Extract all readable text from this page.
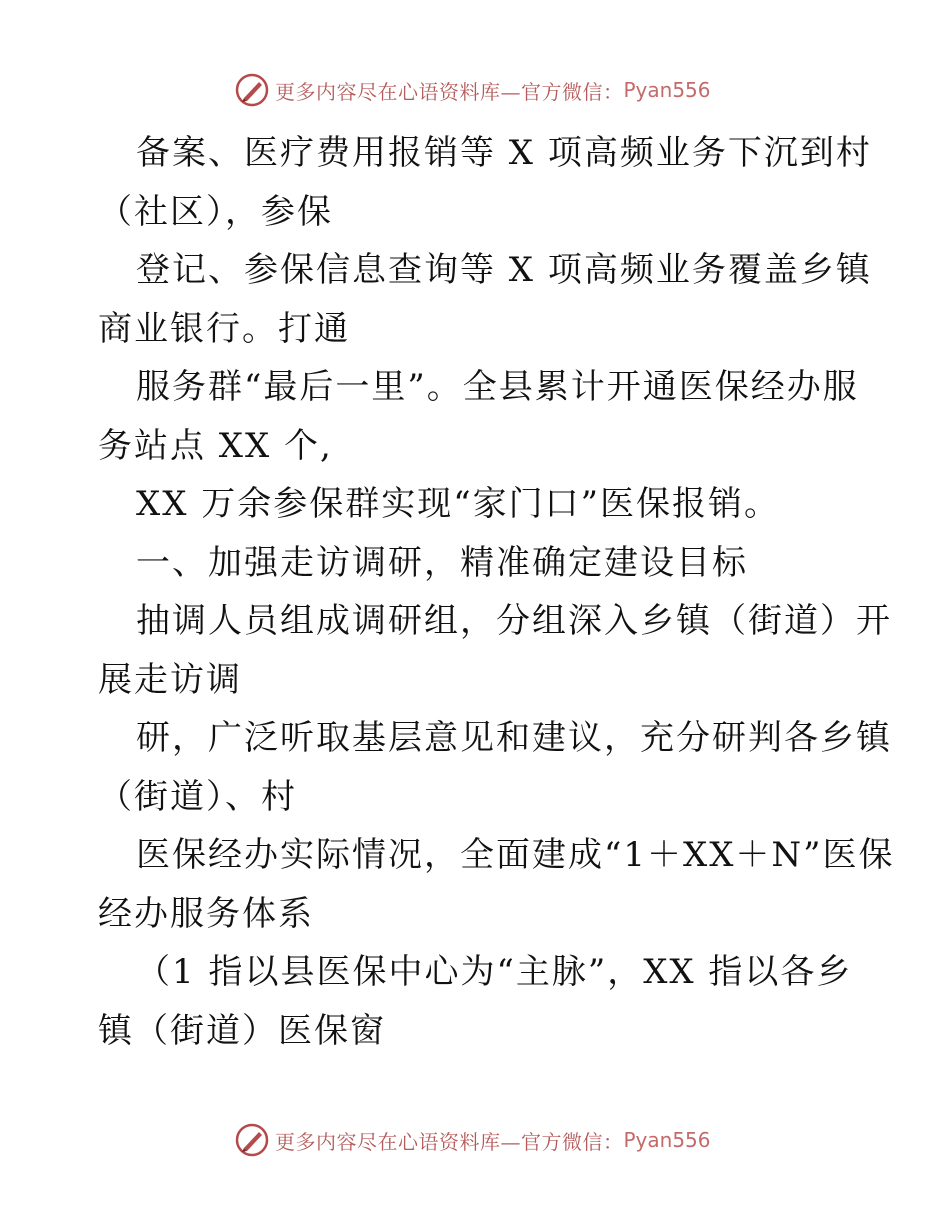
更多内容尽在心语资料库—官方微信： Pyan556
备案、医疗费用报销等 X 项高频业务下沉到村
（社区），参保
登记、参保信息查询等 X 项高频业务覆盖乡镇
商业银行。打通
服务群“最后一里”。全县累计开通医保经办服
务站点 XX 个,
XX 万余参保群实现“家门口”医保报销。
一、加强走访调研，精准确定建设目标
抽调人员组成调研组，分组深入乡镇（街道）开
展走访调
研，广泛听取基层意见和建议，充分研判各乡镇
（街道）、村
医保经办实际情况，全面建成“1＋XX＋N”医保
经办服务体系
（1 指以县医保中心为“主脉”，XX 指以各乡
镇（街道）医保窗
更多内容尽在心语资料库—官方微信： Pyan556
